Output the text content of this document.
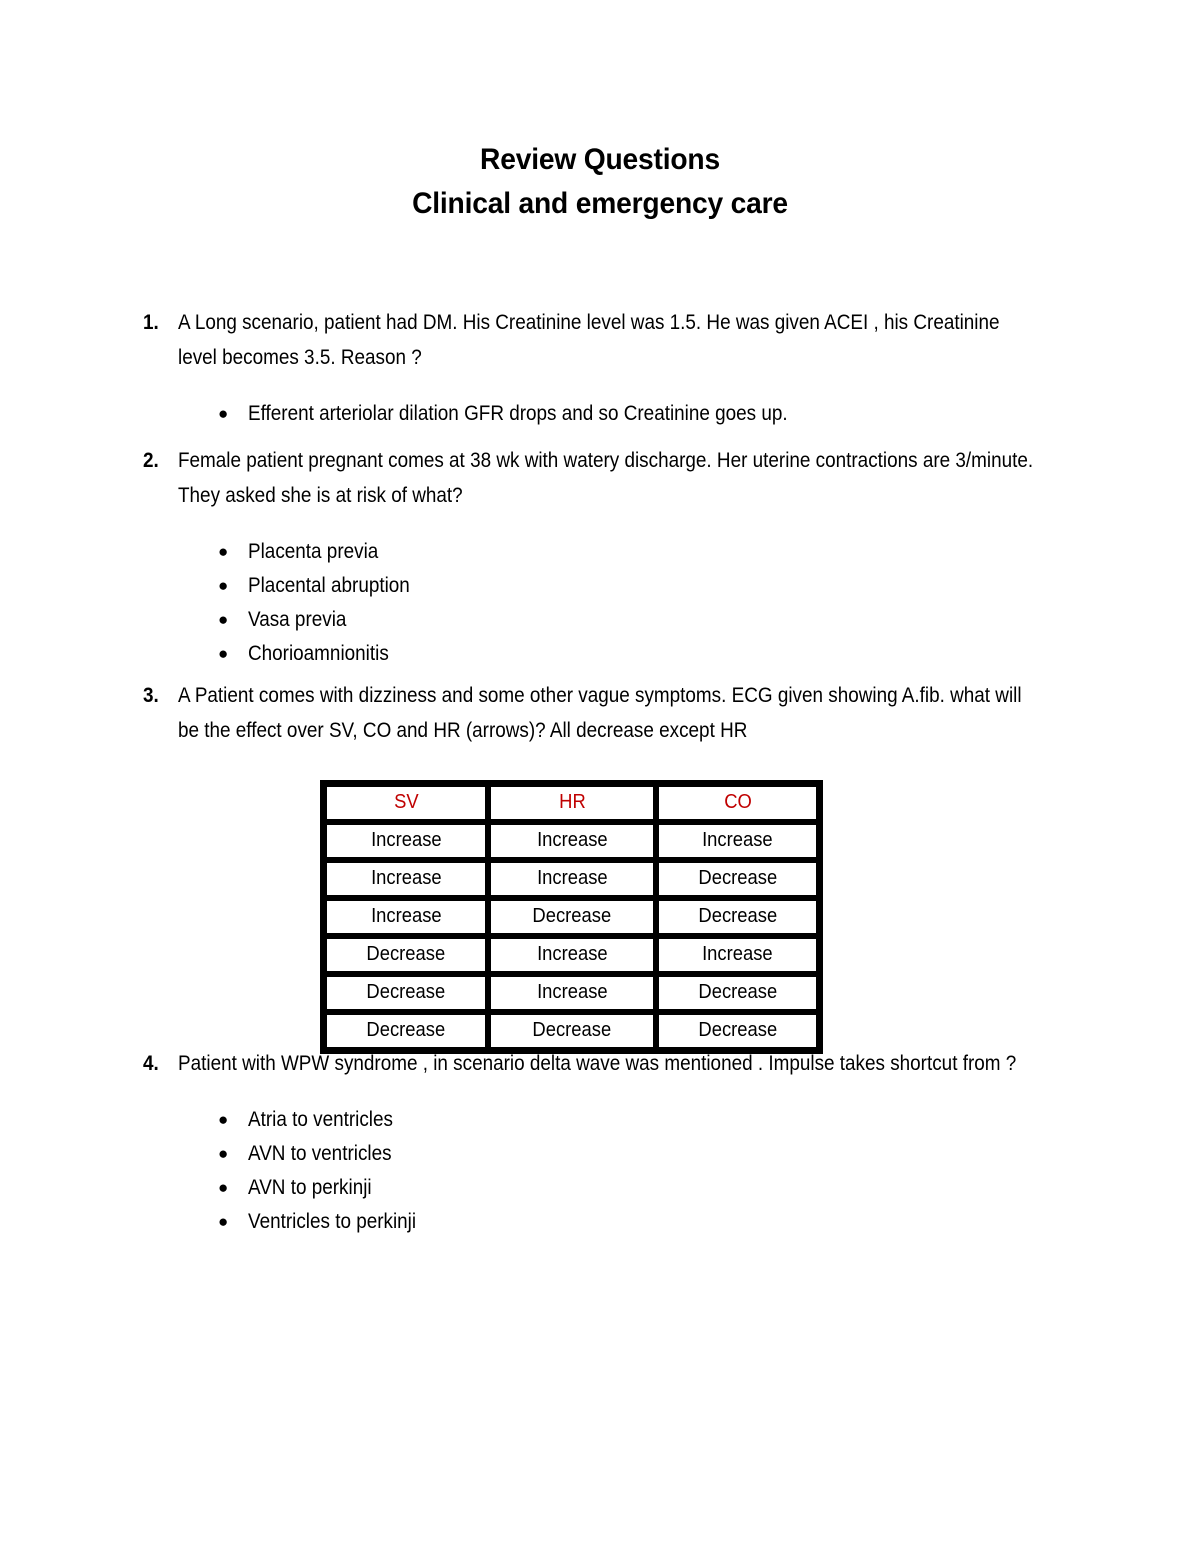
Review Questions
Clinical and emergency care
1. A Long scenario, patient had DM. His Creatinine level was 1.5. He was given ACEI , his Creatinine level becomes 3.5. Reason ?
● Efferent arteriolar dilation GFR drops and so Creatinine goes up.
2. Female patient pregnant comes at 38 wk with watery discharge. Her uterine contractions are 3/minute. They asked she is at risk of what?
● Placenta previa
● Placental abruption
● Vasa previa
● Chorioamnionitis
3. A Patient comes with dizziness and some other vague symptoms. ECG given showing A.fib. what will be the effect over SV, CO and HR (arrows)? All decrease except HR
SV	HR	CO
Increase	Increase	Increase
Increase	Increase	Decrease
Increase	Decrease	Decrease
Decrease	Increase	Increase
Decrease	Increase	Decrease
Decrease	Decrease	Decrease
4. Patient with WPW syndrome , in scenario delta wave was mentioned . Impulse takes shortcut from ?
● Atria to ventricles
● AVN to ventricles
● AVN to perkinji
● Ventricles to perkinji
